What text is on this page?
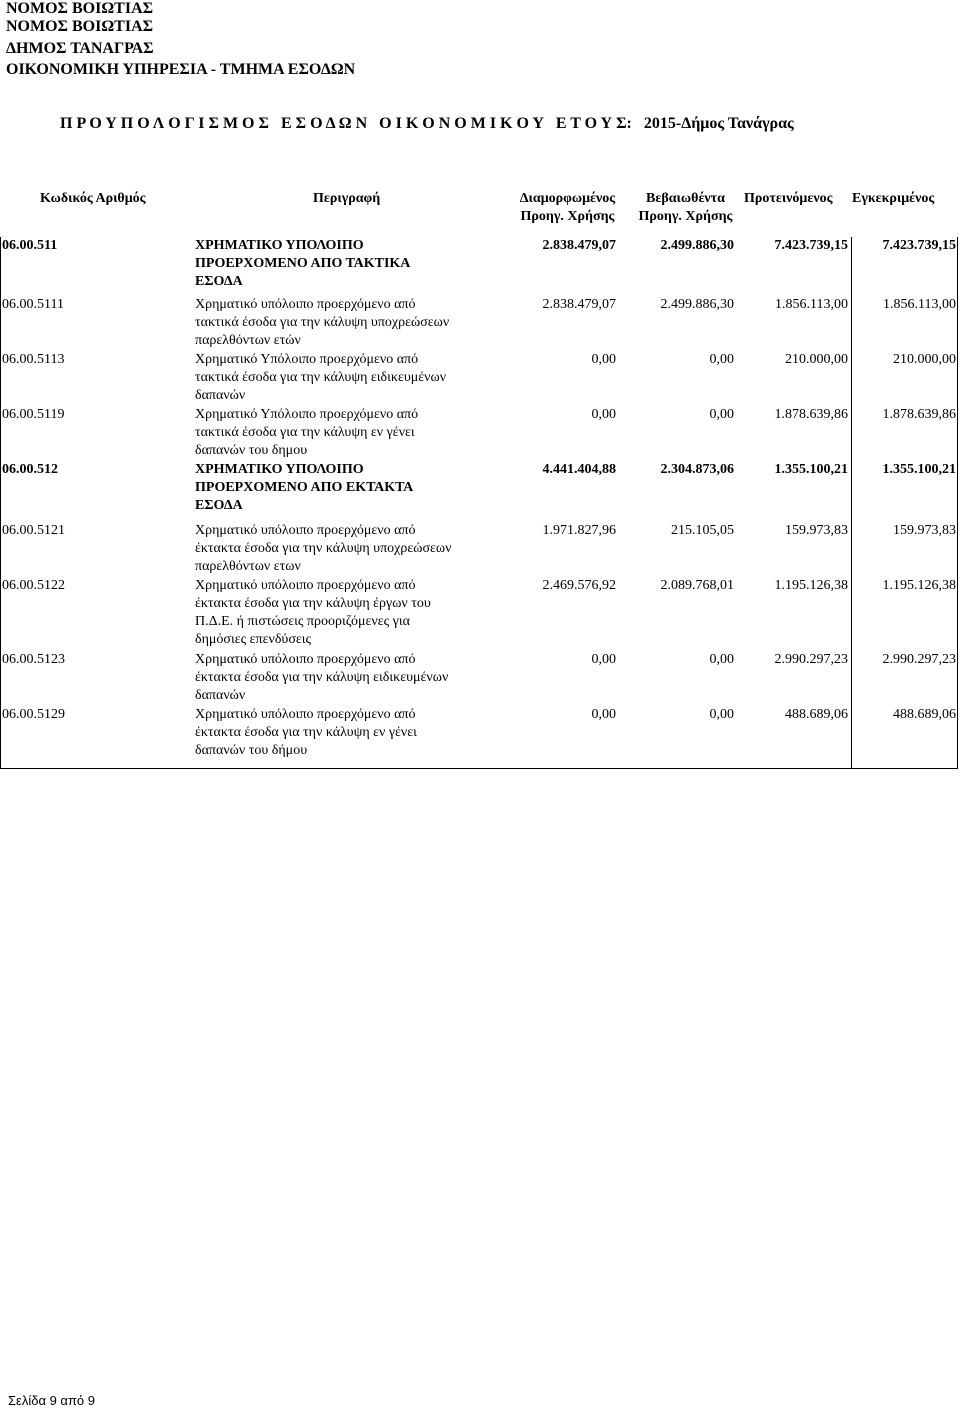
ΝΟΜΟΣ ΒΟΙΩΤΙΑΣ
ΝΟΜΟΣ ΒΟΙΩΤΙΑΣ
ΔΗΜΟΣ ΤΑΝΑΓΡΑΣ
ΟΙΚΟΝΟΜΙΚΗ ΥΠΗΡΕΣΙΑ - ΤΜΗΜΑ ΕΣΟΔΩΝ
Π Ρ Ο Υ Π Ο Λ Ο Γ Ι Σ Μ Ο Σ   Ε Σ Ο Δ Ω Ν   Ο Ι Κ Ο Ν Ο Μ Ι Κ Ο Υ   Ε Τ Ο Υ Σ:   2015-Δήμος Τανάγρας
Κωδικός Αριθμός	Περιγραφή	Διαμορφωμένος
Προηγ. Χρήσης
Βεβαιωθέντα
Προηγ. Χρήσης
Προτεινόμενος Εγκεκριμένος
06.00.511	ΧΡΗΜΑΤΙΚΟ ΥΠΟΛΟΙΠΟ
ΠΡΟΕΡΧΟΜΕΝΟ ΑΠΟ ΤΑΚΤΙΚΑ
ΕΣΟΔΑ	2.838.479,07	2.499.886,30	7.423.739,15	7.423.739,15
06.00.5111	Χρηματικό υπόλοιπο προερχόμενο από
τακτικά έσοδα για την κάλυψη υποχρεώσεων
παρελθόντων ετών	2.838.479,07	2.499.886,30	1.856.113,00	1.856.113,00
06.00.5113	Χρηματικό Υπόλοιπο προερχόμενο από
τακτικά έσοδα για την κάλυψη ειδικευμένων
δαπανών	0,00	0,00	210.000,00	210.000,00
06.00.5119	Χρηματικό Υπόλοιπο προερχόμενο από
τακτικά έσοδα για την κάλυψη εν γένει
δαπανών του δημου	0,00	0,00	1.878.639,86	1.878.639,86
06.00.512	ΧΡΗΜΑΤΙΚΟ ΥΠΟΛΟΙΠΟ
ΠΡΟΕΡΧΟΜΕΝΟ ΑΠΟ ΕΚΤΑΚΤΑ
ΕΣΟΔΑ	4.441.404,88	2.304.873,06	1.355.100,21	1.355.100,21
06.00.5121	Χρηματικό υπόλοιπο προερχόμενο από
έκτακτα έσοδα για την κάλυψη υποχρεώσεων
παρελθόντων ετων	1.971.827,96	215.105,05	159.973,83	159.973,83
06.00.5122	Χρηματικό υπόλοιπο προερχόμενο από
έκτακτα έσοδα για την κάλυψη έργων του
Π.Δ.Ε. ή πιστώσεις προοριζόμενες για
δημόσιες επενδύσεις	2.469.576,92	2.089.768,01	1.195.126,38	1.195.126,38
06.00.5123	Χρηματικό υπόλοιπο προερχόμενο από
έκτακτα έσοδα για την κάλυψη ειδικευμένων
δαπανών	0,00	0,00	2.990.297,23	2.990.297,23
06.00.5129	Χρηματικό υπόλοιπο προερχόμενο από
έκτακτα έσοδα για την κάλυψη εν γένει
δαπανών του δήμου	0,00	0,00	488.689,06	488.689,06
Σελίδα 9 από 9
